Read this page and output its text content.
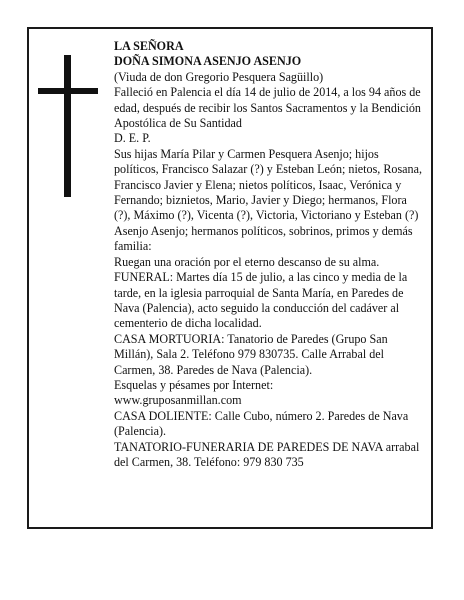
LA SEÑORA

DOÑA SIMONA ASENJO ASENJO

(Viuda de don Gregorio Pesquera Sagüillo)

Falleció en Palencia el día 14 de julio de 2014, a los 94 años de edad, después de recibir los Santos Sacramentos y la Bendición Apostólica de Su Santidad

D. E. P.

Sus hijas María Pilar y Carmen Pesquera Asenjo; hijos políticos, Francisco Salazar (?) y Esteban León; nietos, Rosana, Francisco Javier y Elena; nietos políticos, Isaac, Verónica y Fernando; biznietos, Mario, Javier y Diego; hermanos, Flora (?), Máximo (?), Vicenta (?), Victoria, Victoriano y Esteban (?) Asenjo Asenjo; hermanos políticos, sobrinos, primos y demás familia:

Ruegan una oración por el eterno descanso de su alma.

FUNERAL: Martes día 15 de julio, a las cinco y media de la tarde, en la iglesia parroquial de Santa María, en Paredes de Nava (Palencia), acto seguido la conducción del cadáver al cementerio de dicha localidad.

CASA MORTUORIA: Tanatorio de Paredes (Grupo San Millán), Sala 2. Teléfono 979 830735. Calle Arrabal del Carmen, 38. Paredes de Nava (Palencia).

Esquelas y pésames por Internet:

www.gruposanmillan.com

CASA DOLIENTE: Calle Cubo, número 2. Paredes de Nava (Palencia).

TANATORIO-FUNERARIA DE PAREDES DE NAVA arrabal del Carmen, 38. Teléfono: 979 830 735
